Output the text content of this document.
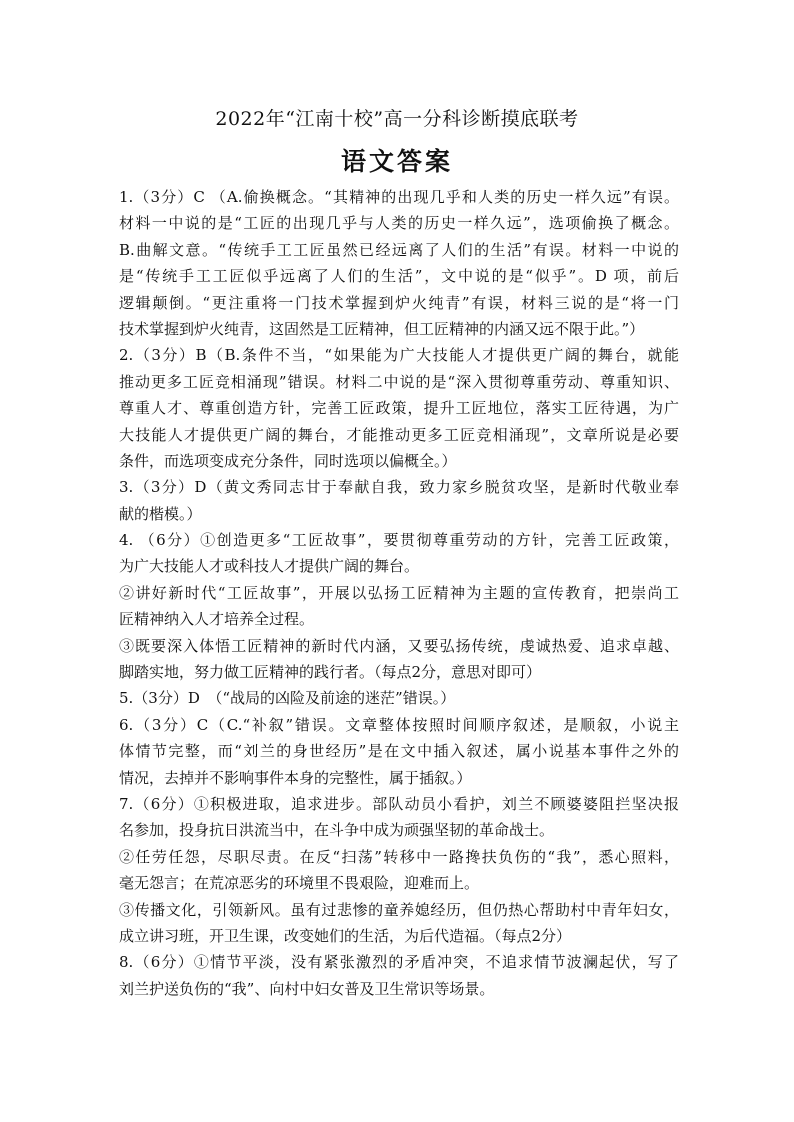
2022年“江南十校”高一分科诊断摸底联考
语文答案
1.（3分）C （A.偷换概念。“其精神的出现几乎和人类的历史一样久远”有误。
材料一中说的是“工匠的出现几乎与人类的历史一样久远”，选项偷换了概念。
B.曲解文意。“传统手工工匠虽然已经远离了人们的生活”有误。材料一中说的
是“传统手工工匠似乎远离了人们的生活”，文中说的是“似乎”。D 项，前后
逻辑颠倒。“更注重将一门技术掌握到炉火纯青”有误，材料三说的是“将一门
技术掌握到炉火纯青，这固然是工匠精神，但工匠精神的内涵又远不限于此。”）
2.（3分）B（B.条件不当，“如果能为广大技能人才提供更广阔的舞台，就能
推动更多工匠竞相涌现”错误。材料二中说的是“深入贯彻尊重劳动、尊重知识、
尊重人才、尊重创造方针，完善工匠政策，提升工匠地位，落实工匠待遇，为广
大技能人才提供更广阔的舞台，才能推动更多工匠竞相涌现”，文章所说是必要
条件，而选项变成充分条件，同时选项以偏概全。）
3.（3分）D（黄文秀同志甘于奉献自我，致力家乡脱贫攻坚，是新时代敬业奉
献的楷模。）
4. （6分）①创造更多“工匠故事”，要贯彻尊重劳动的方针，完善工匠政策，
为广大技能人才或科技人才提供广阔的舞台。
②讲好新时代“工匠故事”，开展以弘扬工匠精神为主题的宣传教育，把崇尚工
匠精神纳入人才培养全过程。
③既要深入体悟工匠精神的新时代内涵，又要弘扬传统，虔诚热爱、追求卓越、
脚踏实地，努力做工匠精神的践行者。（每点2分，意思对即可）
5.（3分）D　（“战局的凶险及前途的迷茫”错误。）
6.（3分）C（C.“补叙”错误。文章整体按照时间顺序叙述，是顺叙，小说主
体情节完整，而“刘兰的身世经历”是在文中插入叙述，属小说基本事件之外的
情况，去掉并不影响事件本身的完整性，属于插叙。）
7.（6分）①积极进取，追求进步。部队动员小看护，刘兰不顾婆婆阻拦坚决报
名参加，投身抗日洪流当中，在斗争中成为顽强坚韧的革命战士。
②任劳任怨，尽职尽责。在反“扫荡”转移中一路搀扶负伤的“我”，悉心照料，
毫无怨言；在荒凉恶劣的环境里不畏艰险，迎难而上。
③传播文化，引领新风。虽有过悲惨的童养媳经历，但仍热心帮助村中青年妇女，
成立讲习班，开卫生课，改变她们的生活，为后代造福。（每点2分）
8.（6分）①情节平淡，没有紧张激烈的矛盾冲突，不追求情节波澜起伏，写了
刘兰护送负伤的“我”、向村中妇女普及卫生常识等场景。
